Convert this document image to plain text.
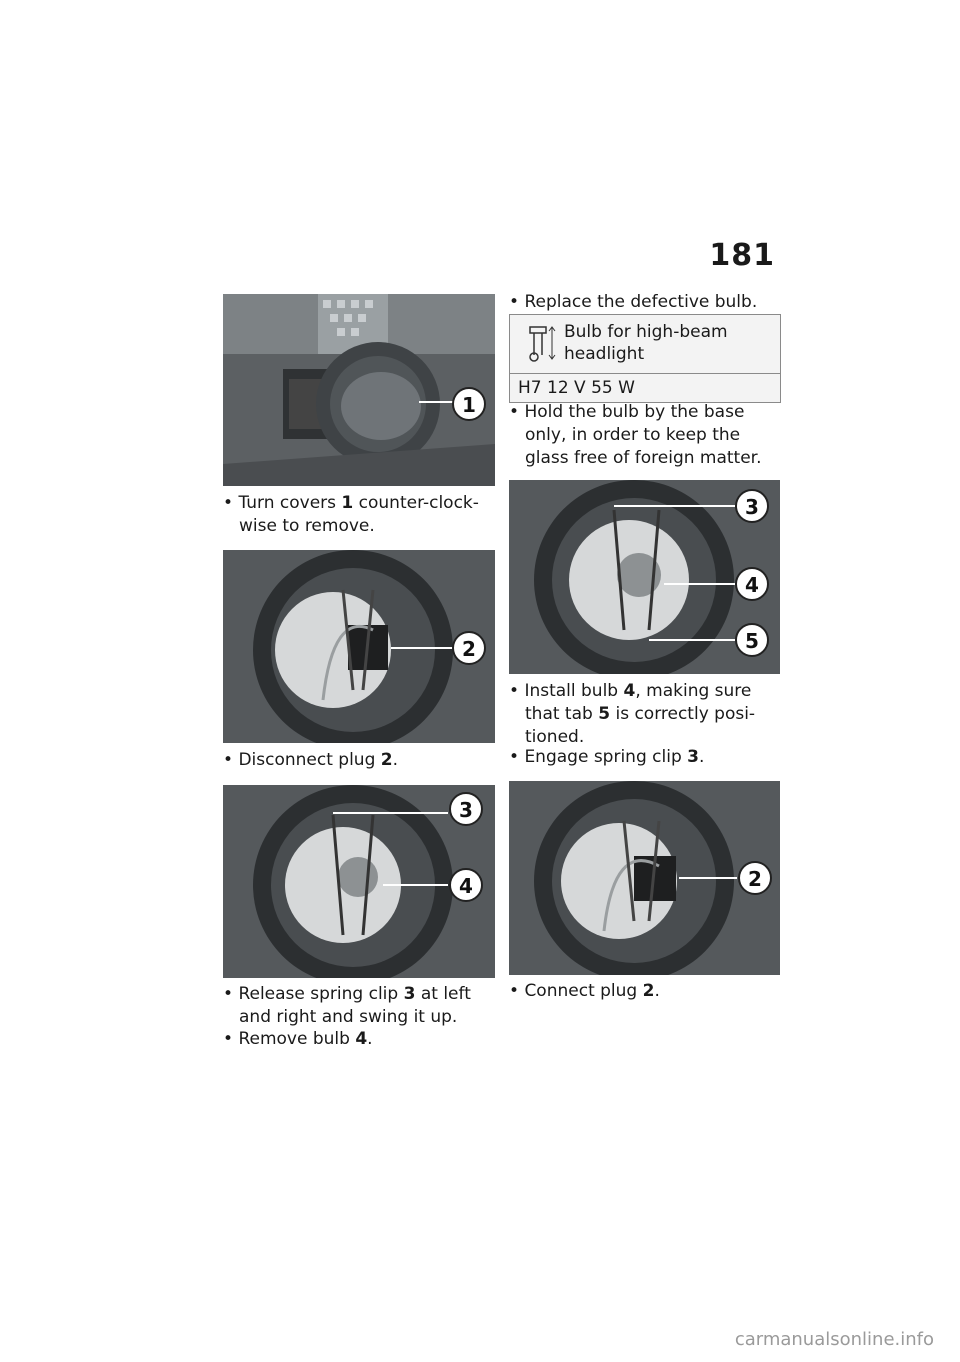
181
1
• Turn covers 1 counter-clock-wise to remove.
2
• Disconnect plug 2.
3
4
• Release spring clip 3 at left and right and swing it up.
• Remove bulb 4.
• Replace the defective bulb.
Bulb for high-beam headlight
H7 12 V 55 W
• Hold the bulb by the base only, in order to keep the glass free of foreign matter.
3
4
5
• Install bulb 4, making sure that tab 5 is correctly posi-tioned.
• Engage spring clip 3.
2
• Connect plug 2.
carmanualsonline.info
